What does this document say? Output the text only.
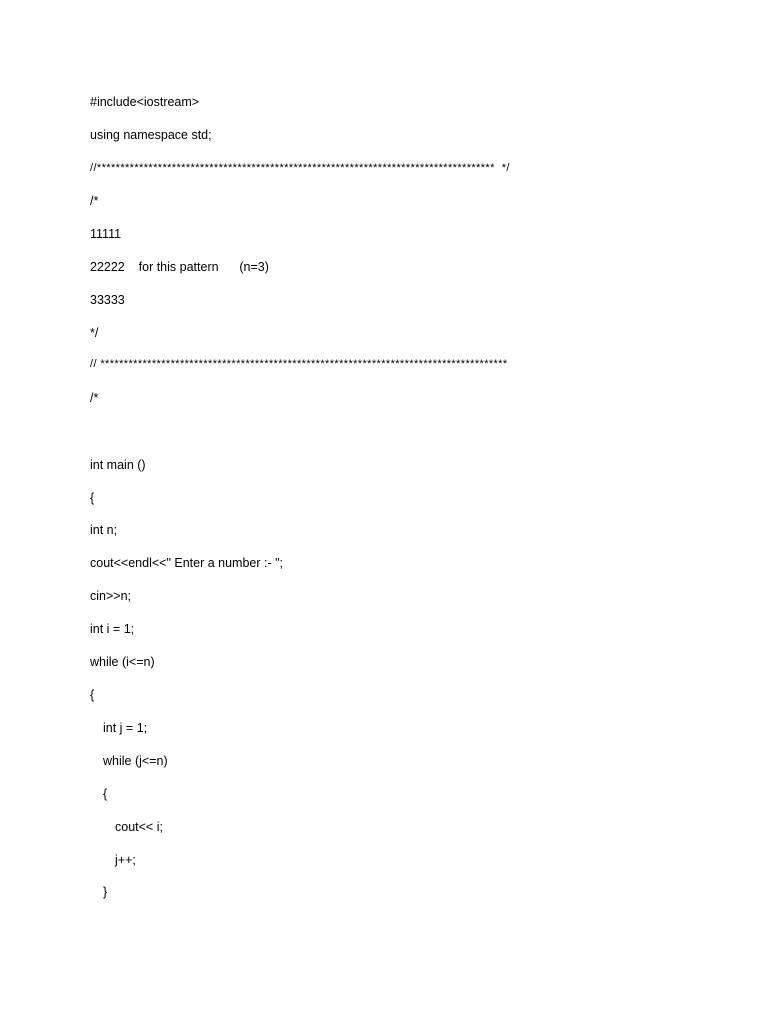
#include<iostream>
using namespace std;
//*************************************************************************************  */
/*
11111
22222    for this pattern      (n=3)
33333
*/
// ***************************************************************************************
/*
int main ()
{
int n;
cout<<endl<<" Enter a number :- ";
cin>>n;
int i = 1;
while (i<=n)
{
int j = 1;
while (j<=n)
{
cout<< i;
j++;
}
